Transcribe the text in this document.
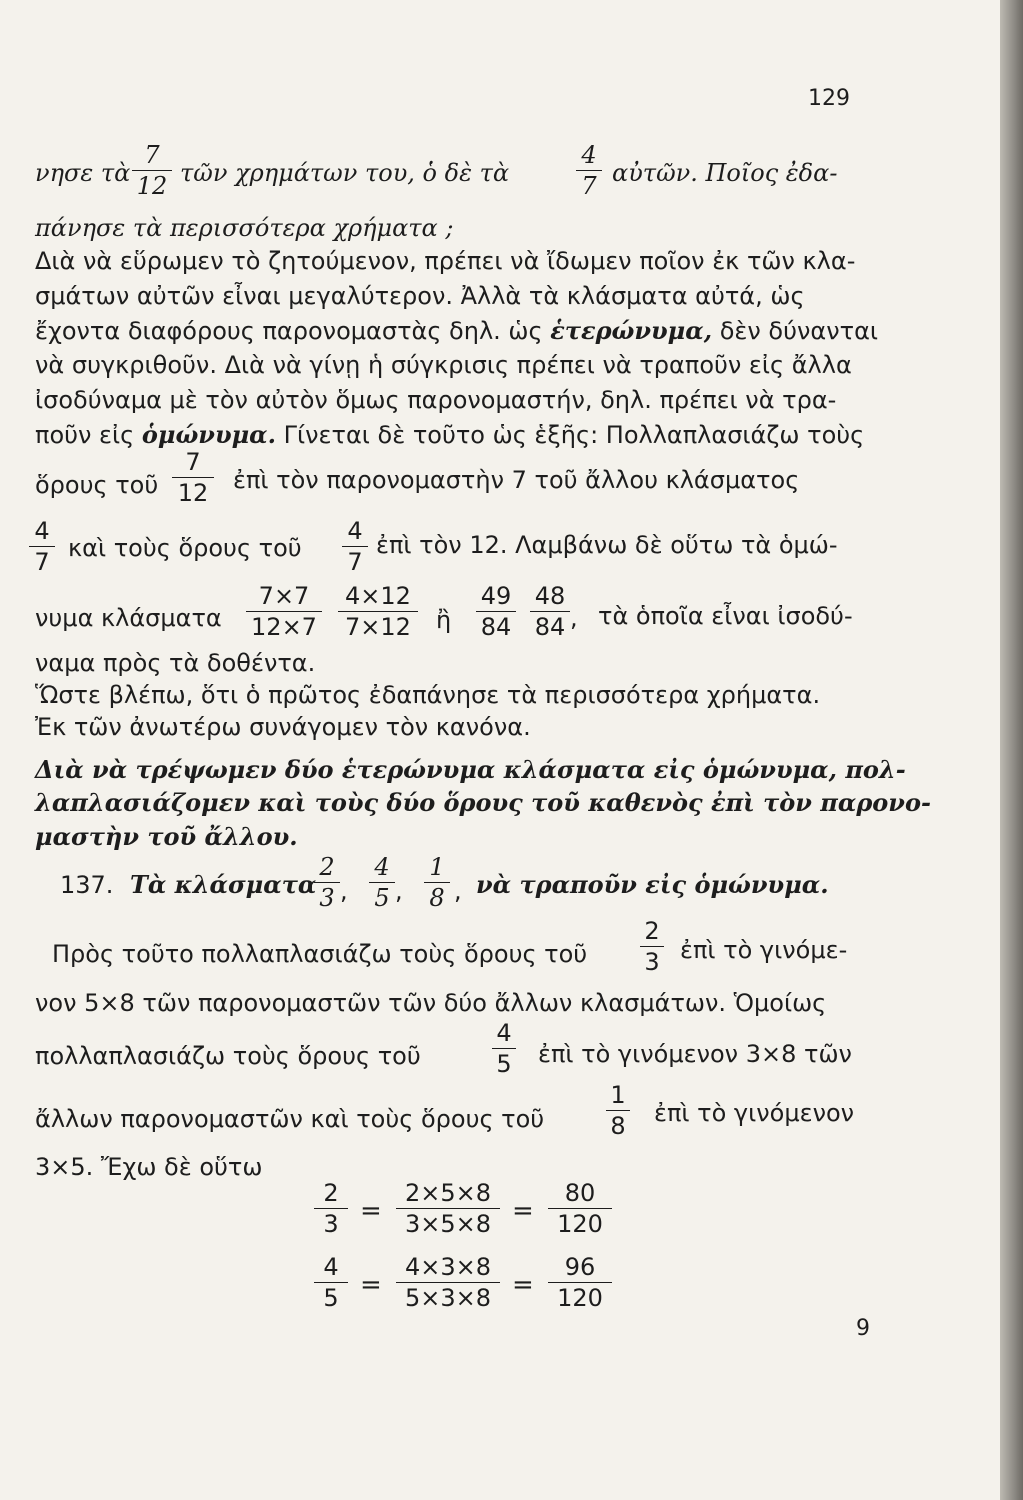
129
νησε τὰ $\frac{7}{12}$ τῶν χρημάτων του, ὁ δὲ τὰ	$\frac{4}{7}$ αὐτῶν. Ποῖος ἐδα-
πάνησε τὰ περισσότερα χρήματα ;
Διὰ νὰ εὕρωμεν τὸ ζητούμενον, πρέπει νὰ ἴδωμεν ποῖον ἐκ τῶν κλα-
σμάτων αὐτῶν εἶναι μεγαλύτερον. Ἀλλὰ τὰ κλάσματα αὐτά, ὡς
ἔχοντα διαφόρους παρονομαστὰς δηλ. ὡς ἑτερώνυμα, δὲν δύνανται
νὰ συγκριθοῦν. Διὰ νὰ γίνῃ ἡ σύγκρισις πρέπει νὰ τραποῦν εἰς ἄλλα
ἰσοδύναμα μὲ τὸν αὐτὸν ὅμως παρονομαστήν, δηλ. πρέπει νὰ τρα-
ποῦν εἰς ὁμώνυμα. Γίνεται δὲ τοῦτο ὡς ἑξῆς: Πολλαπλασιάζω τοὺς
ὅρους τοῦ $\frac{7}{12}$ ἐπὶ τὸν παρονομαστὴν 7 τοῦ ἄλλου κλάσματος
$\frac{4}{7}$ καὶ τοὺς ὅρους τοῦ $\frac{4}{7}$ ἐπὶ τὸν 12. Λαμβάνω δὲ οὕτω τὰ ὁμώ-
νυμα κλάσματα $\frac{7\times 7}{12\times 7} \frac{4\times 12}{7\times 12}$ ἢ $\frac{49}{84} \frac{48}{84}$ , τὰ ὁποῖα εἶναι ἰσοδύ-
ναμα πρὸς τὰ δοθέντα.
Ὥστε βλέπω, ὅτι ὁ πρῶτος ἐδαπάνησε τὰ περισσότερα χρήματα.
Ἐκ τῶν ἀνωτέρω συνάγομεν τὸν κανόνα.
Διὰ νὰ τρέψωμεν δύο ἑτερώνυμα κλάσματα εἰς ὁμώνυμα, πολ-
λαπλασιάζομεν καὶ τοὺς δύο ὅρους τοῦ καθενὸς ἐπὶ τὸν παρονο-
μαστὴν τοῦ ἄλλου.
137. Τὰ κλάσματα
$\frac{2}{3}$ , $\frac{4}{5}$ , $\frac{1}{8}$ , νὰ τραποῦν εἰς ὁμώνυμα.
Πρὸς τοῦτο πολλαπλασιάζω τοὺς ὅρους τοῦ $\frac{2}{3}$ ἐπὶ τὸ γινόμε-
νον 5×8 τῶν παρονομαστῶν τῶν δύο ἄλλων κλασμάτων. Ὁμοίως
πολλαπλασιάζω τοὺς ὅρους τοῦ	$\frac{4}{5}$ ἐπὶ τὸ γινόμενον 3×8 τῶν
ἄλλων παρονομαστῶν καὶ τοὺς ὅρους τοῦ	$\frac{1}{8}$ ἐπὶ τὸ γινόμενον
3×5. Ἔχω δὲ οὕτω
$\frac{2}{3} = \frac{2\times 5\times 8}{3\times 5\times 8} = \frac{80}{120}$
$\frac{4}{5} = \frac{4\times 3\times 8}{5\times 3\times 8} = \frac{96}{120}$
9
